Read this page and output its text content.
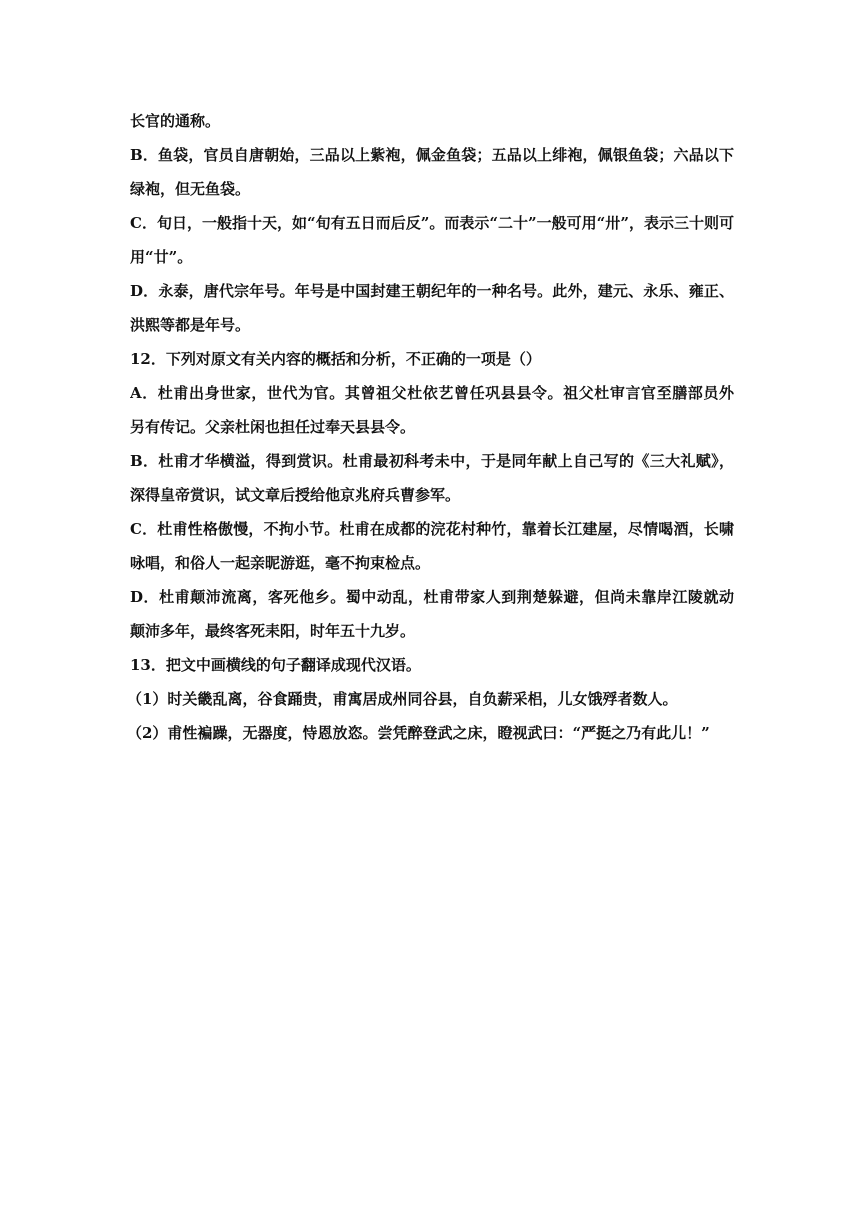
长官的通称。
B．鱼袋，官员自唐朝始，三品以上紫袍，佩金鱼袋；五品以上绯袍，佩银鱼袋；六品以下
绿袍，但无鱼袋。
C．旬日，一般指十天，如“旬有五日而后反”。而表示“二十”一般可用“卅”，表示三十则可
用“廿”。
D．永泰，唐代宗年号。年号是中国封建王朝纪年的一种名号。此外，建元、永乐、雍正、
洪熙等都是年号。
12．下列对原文有关内容的概括和分析，不正确的一项是（）
A．杜甫出身世家，世代为官。其曾祖父杜依艺曾任巩县县令。祖父杜审言官至膳部员外
另有传记。父亲杜闲也担任过奉天县县令。
B．杜甫才华横溢，得到赏识。杜甫最初科考未中，于是同年献上自己写的《三大礼赋》，
深得皇帝赏识，试文章后授给他京兆府兵曹参军。
C．杜甫性格傲慢，不拘小节。杜甫在成都的浣花村种竹，靠着长江建屋，尽情喝酒，长啸
咏唱，和俗人一起亲昵游逛，毫不拘束检点。
D．杜甫颠沛流离，客死他乡。蜀中动乱，杜甫带家人到荆楚躲避，但尚未靠岸江陵就动
颠沛多年，最终客死耒阳，时年五十九岁。
13．把文中画横线的句子翻译成现代汉语。
（1）时关畿乱离，谷食踊贵，甫寓居成州同谷县，自负薪采梠，儿女饿殍者数人。
（2）甫性褊躁，无器度，恃恩放恣。尝凭醉登武之床，瞪视武曰：“严挺之乃有此儿！”
